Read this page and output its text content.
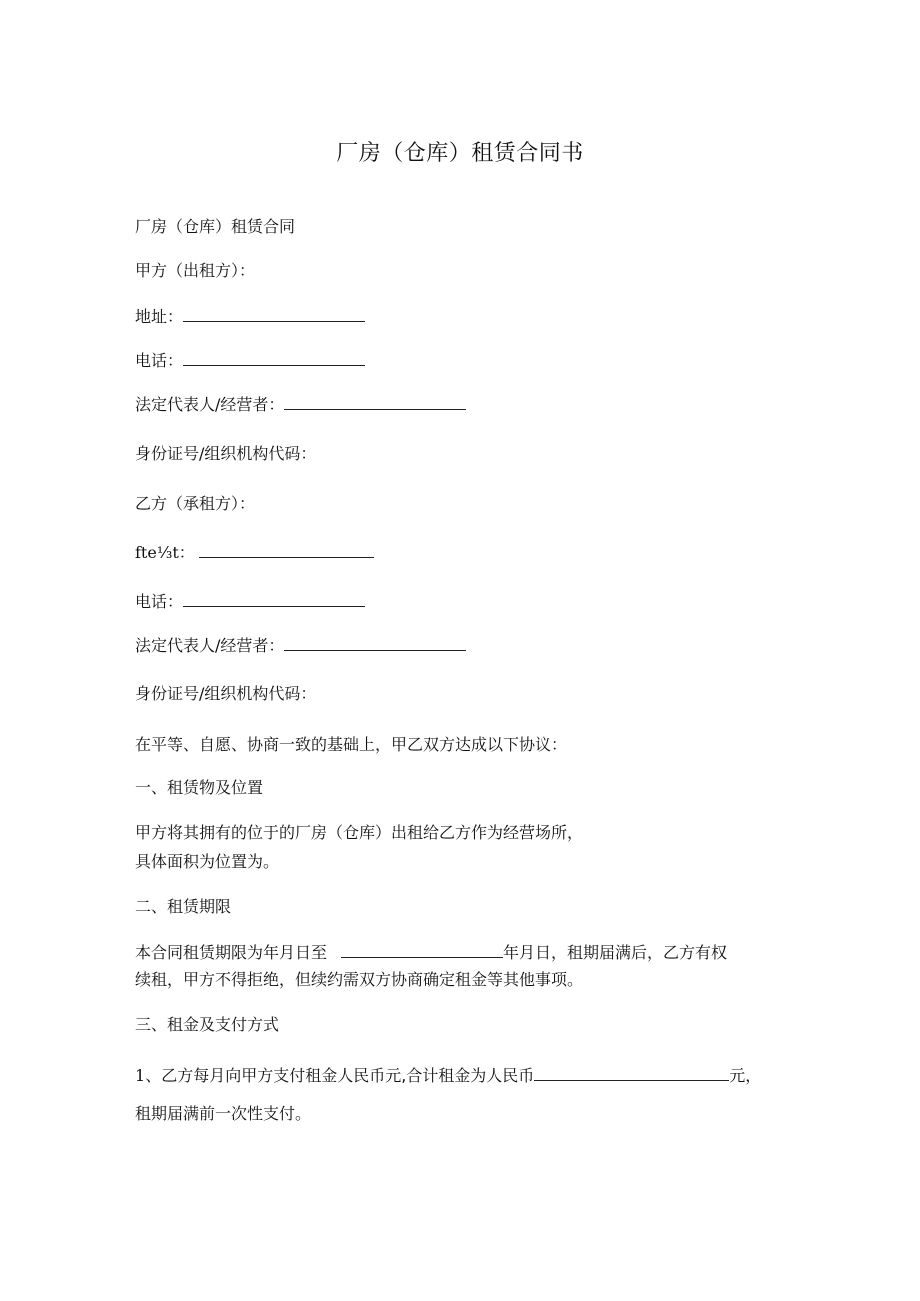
厂房（仓库）租赁合同书
厂房（仓库）租赁合同
甲方（出租方）：
地址：
电话：
法定代表人/经营者：
身份证号/组织机构代码：
乙方（承租方）：
fte⅓t：
电话：
法定代表人/经营者：
身份证号/组织机构代码：
在平等、自愿、协商一致的基础上，甲乙双方达成以下协议：
一、租赁物及位置
甲方将其拥有的位于的厂房（仓库）出租给乙方作为经营场所，
具体面积为位置为。
二、租赁期限
本合同租赁期限为年月日至	年月日，租期届满后，乙方有权
续租，甲方不得拒绝，但续约需双方协商确定租金等其他事项。
三、租金及支付方式
1、乙方每月向甲方支付租金人民币元,合计租金为人民币	元，
租期届满前一次性支付。
